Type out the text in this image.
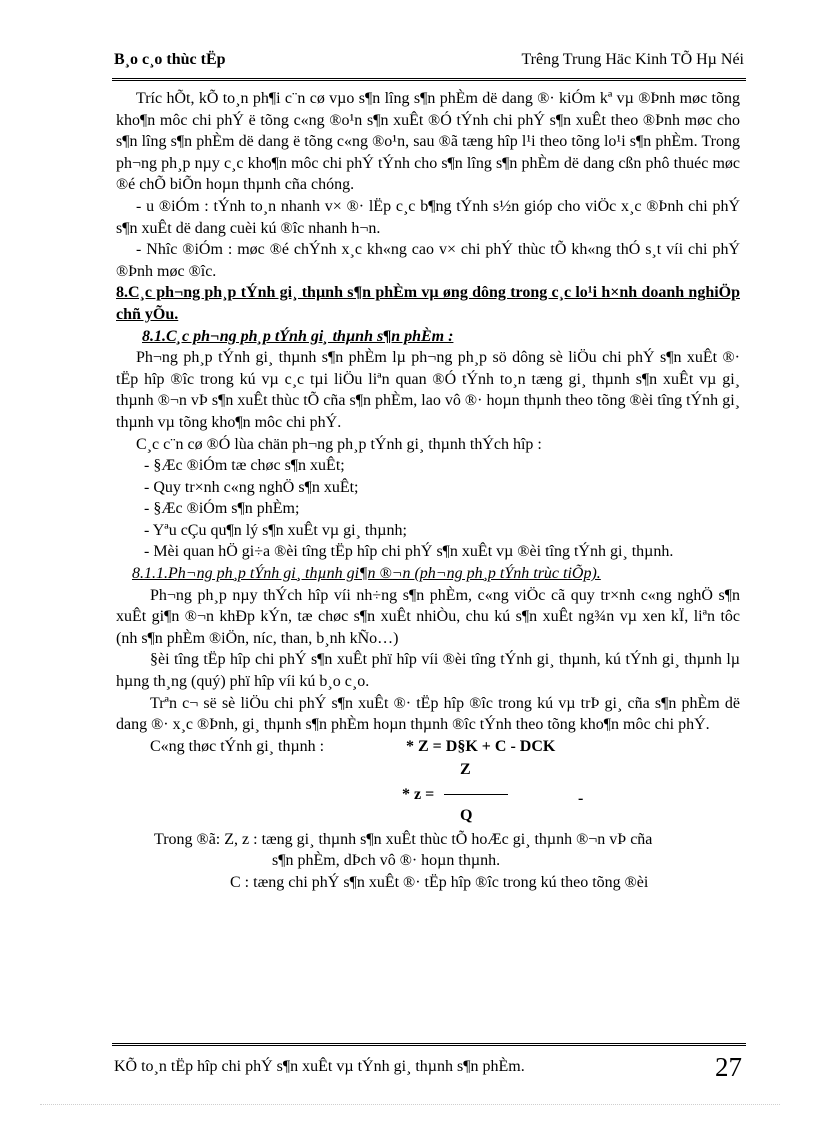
B¸o c¸o thùc tËp	Trêng Trung Häc Kinh TÕ Hµ Néi

Tríc hÕt, kÕ to¸n ph¶i c¨n cø vµo s¶n lîng s¶n phÈm dë dang ®· kiÓm kª vµ ®Þnh møc tõng kho¶n môc chi phÝ ë tõng c«ng ®o¹n s¶n xuÊt ®Ó tÝnh chi phÝ s¶n xuÊt theo ®Þnh møc cho s¶n lîng s¶n phÈm dë dang ë tõng c«ng ®o¹n, sau ®ã tæng hîp l¹i theo tõng lo¹i s¶n phÈm. Trong ph¬ng ph¸p nµy c¸c kho¶n môc chi phÝ tÝnh cho s¶n lîng s¶n phÈm dë dang cßn phô thuéc møc ®é chÕ biÕn hoµn thµnh cña chóng.

- u ®iÓm : tÝnh to¸n nhanh v× ®· lËp c¸c b¶ng tÝnh s½n gióp cho viÖc x¸c ®Þnh chi phÝ s¶n xuÊt dë dang cuèi kú ®îc nhanh h¬n.

- Nhîc ®iÓm : møc ®é chÝnh x¸c kh«ng cao v× chi phÝ thùc tÕ kh«ng thÓ s¸t víi chi phÝ ®Þnh møc ®îc.

8.C¸c ph¬ng ph¸p tÝnh gi¸ thµnh s¶n phÈm vµ øng dông trong c¸c lo¹i h×nh doanh nghiÖp chñ yÕu.

8.1.C¸c ph¬ng ph¸p tÝnh gi¸ thµnh s¶n phÈm :

Ph¬ng ph¸p tÝnh gi¸ thµnh s¶n phÈm lµ ph¬ng ph¸p sö dông sè liÖu chi phÝ s¶n xuÊt ®· tËp hîp ®îc trong kú vµ c¸c tµi liÖu liªn quan ®Ó tÝnh to¸n tæng gi¸ thµnh s¶n xuÊt vµ gi¸ thµnh ®¬n vÞ s¶n xuÊt thùc tÕ cña s¶n phÈm, lao vô ®· hoµn thµnh theo tõng ®èi tîng tÝnh gi¸ thµnh vµ tõng kho¶n môc chi phÝ.

C¸c c¨n cø ®Ó lùa chän ph¬ng ph¸p tÝnh gi¸ thµnh thÝch hîp :

- §Æc ®iÓm tæ chøc s¶n xuÊt;

- Quy tr×nh c«ng nghÖ s¶n xuÊt;

- §Æc ®iÓm s¶n phÈm;

- Yªu cÇu qu¶n lý s¶n xuÊt vµ gi¸ thµnh;

- Mèi quan hÖ gi÷a ®èi tîng tËp hîp chi phÝ s¶n xuÊt vµ ®èi tîng tÝnh gi¸ thµnh.

8.1.1.Ph¬ng ph¸p tÝnh gi¸ thµnh gi¶n ®¬n (ph¬ng ph¸p tÝnh trùc tiÕp).

Ph¬ng ph¸p nµy thÝch hîp víi nh÷ng s¶n phÈm, c«ng viÖc cã quy tr×nh c«ng nghÖ s¶n xuÊt gi¶n ®¬n khÐp kÝn, tæ chøc s¶n xuÊt nhiÒu, chu kú s¶n xuÊt ng¾n vµ xen kÏ, liªn tôc (nh s¶n phÈm ®iÖn, níc, than, b¸nh kÑo…)

§èi tîng tËp hîp chi phÝ s¶n xuÊt phï hîp víi ®èi tîng tÝnh gi¸ thµnh, kú tÝnh gi¸ thµnh lµ hµng th¸ng (quý) phï hîp víi kú b¸o c¸o.

Trªn c¬ së sè liÖu chi phÝ s¶n xuÊt ®· tËp hîp ®îc trong kú vµ trÞ gi¸ cña s¶n phÈm dë dang ®· x¸c ®Þnh, gi¸ thµnh s¶n phÈm hoµn thµnh ®îc tÝnh theo tõng kho¶n môc chi phÝ.

C«ng thøc tÝnh gi¸ thµnh :	* Z = D§K + C - DCK
Z
* z =
Q
-

Trong ®ã: Z, z : tæng gi¸ thµnh s¶n xuÊt thùc tÕ hoÆc gi¸ thµnh ®¬n vÞ cña

s¶n phÈm, dÞch vô ®· hoµn thµnh.

C : tæng chi phÝ s¶n xuÊt ®· tËp hîp ®îc trong kú theo tõng ®èi

KÕ to¸n tËp hîp chi phÝ s¶n xuÊt vµ tÝnh gi¸ thµnh s¶n phÈm.	27
